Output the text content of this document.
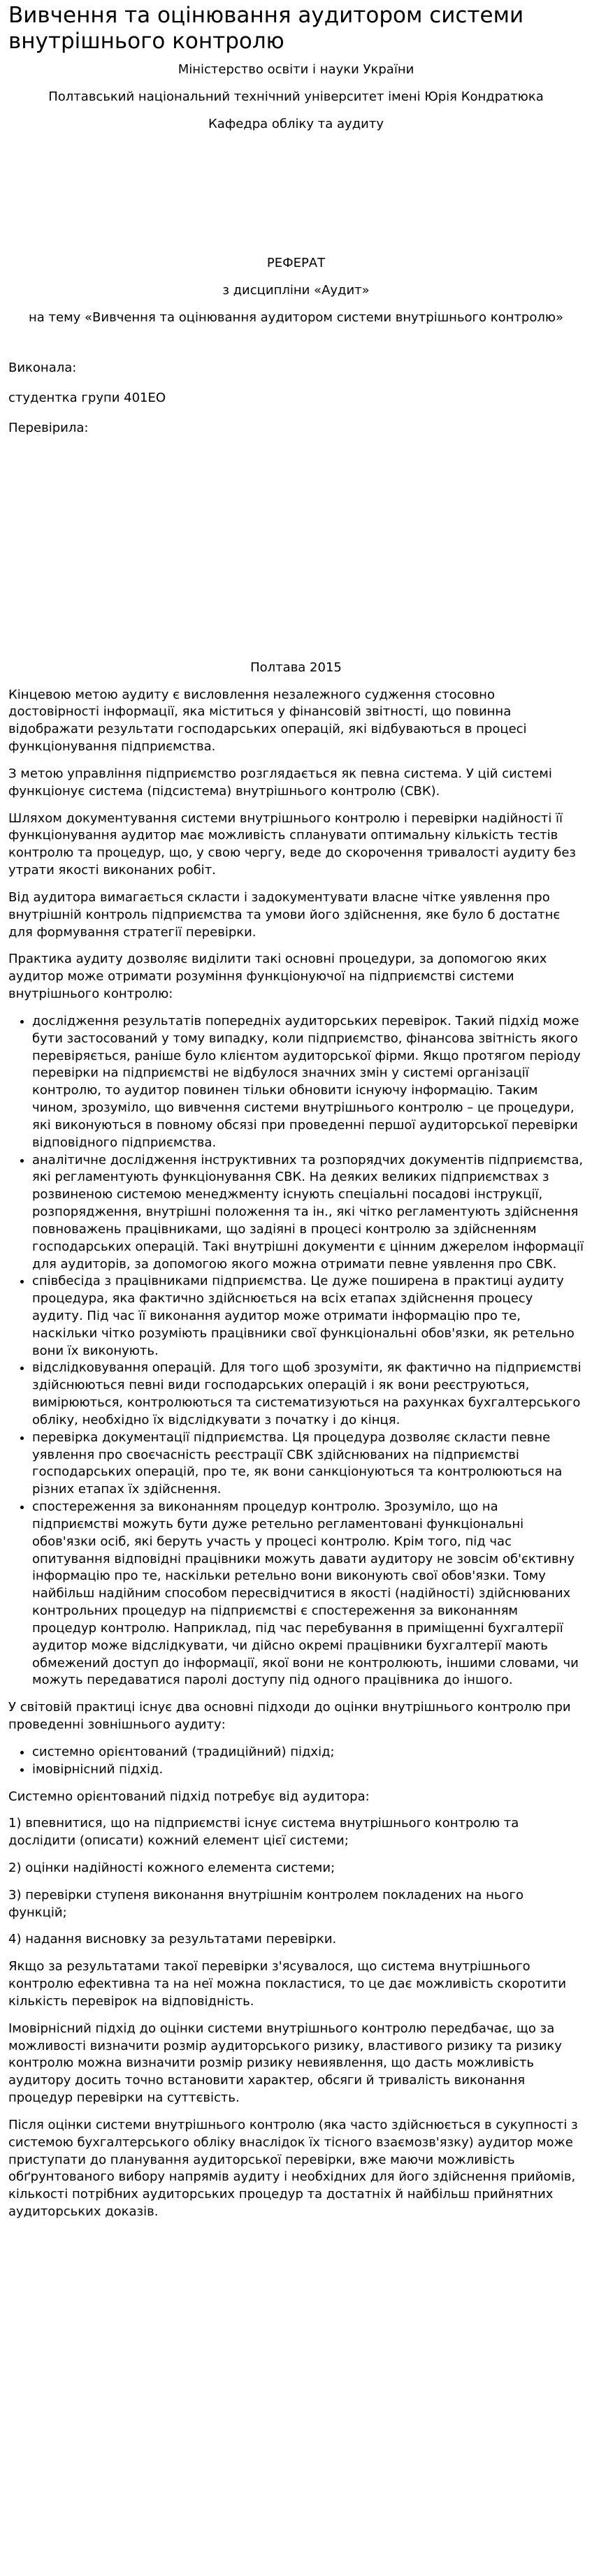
Вивчення та оцінювання аудитором системи внутрішнього контролю

Міністерство освіти і науки України

Полтавський національний технічний університет імені Юрія Кондратюка

Кафедра обліку та аудиту

РЕФЕРАТ

з дисципліни «Аудит»

на тему «Вивчення та оцінювання аудитором системи внутрішнього контролю»

Виконала:

студентка групи 401ЕО

Перевірила:

Полтава 2015

Кінцевою метою аудиту є висловлення незалежного судження стосовно достовірності інформації, яка міститься у фінансовій звітності, що повинна відображати результати господарських операцій, які відбуваються в процесі функціонування підприємства.

З метою управління підприємство розглядається як певна система. У цій системі функціонує система (підсистема) внутрішнього контролю (СВК).

Шляхом документування системи внутрішнього контролю і перевірки надійності її функціонування аудитор має можливість спланувати оптимальну кількість тестів контролю та процедур, що, у свою чергу, веде до скорочення тривалості аудиту без утрати якості виконаних робіт.

Від аудитора вимагається скласти і задокументувати власне чітке уявлення про внутрішній контроль підприємства та умови його здійснення, яке було б достатнє для формування стратегії перевірки.

Практика аудиту дозволяє виділити такі основні процедури, за допомогою яких аудитор може отримати розуміння функціонуючої на підприємстві системи внутрішнього контролю:

• дослідження результатів попередніх аудиторських перевірок. Такий підхід може бути застосований у тому випадку, коли підприємство, фінансова звітність якого перевіряється, раніше було клієнтом аудиторської фірми. Якщо протягом періоду перевірки на підприємстві не відбулося значних змін у системі організації контролю, то аудитор повинен тільки обновити існуючу інформацію. Таким чином, зрозуміло, що вивчення системи внутрішнього контролю – це процедури, які виконуються в повному обсязі при проведенні першої аудиторської перевірки відповідного підприємства.
• аналітичне дослідження інструктивних та розпорядчих документів підприємства, які регламентують функціонування СВК. На деяких великих підприємствах з розвиненою системою менеджменту існують спеціальні посадові інструкції, розпорядження, внутрішні положення та ін., які чітко регламентують здійснення повноважень працівниками, що задіяні в процесі контролю за здійсненням господарських операцій. Такі внутрішні документи є цінним джерелом інформації для аудиторів, за допомогою якого можна отримати певне уявлення про СВК.
• співбесіда з працівниками підприємства. Це дуже поширена в практиці аудиту процедура, яка фактично здійснюється на всіх етапах здійснення процесу аудиту. Під час її виконання аудитор може отримати інформацію про те, наскільки чітко розуміють працівники свої функціональні обов'язки, як ретельно вони їх виконують.
• відслідковування операцій. Для того щоб зрозуміти, як фактично на підприємстві здійснюються певні види господарських операцій і як вони реєструються, вимірюються, контролюються та систематизуються на рахунках бухгалтерського обліку, необхідно їх відслідкувати з початку і до кінця.
• перевірка документації підприємства. Ця процедура дозволяє скласти певне уявлення про своєчасність реєстрації СВК здійснюваних на підприємстві господарських операцій, про те, як вони санкціонуються та контролюються на різних етапах їх здійснення.
• спостереження за виконанням процедур контролю. Зрозуміло, що на підприємстві можуть бути дуже ретельно регламентовані функціональні обов'язки осіб, які беруть участь у процесі контролю. Крім того, під час опитування відповідні працівники можуть давати аудитору не зовсім об'єктивну інформацію про те, наскільки ретельно вони виконують свої обов'язки. Тому найбільш надійним способом пересвідчитися в якості (надійності) здійснюваних контрольних процедур на підприємстві є спостереження за виконанням процедур контролю. Наприклад, під час перебування в приміщенні бухгалтерії аудитор може відслідкувати, чи дійсно окремі працівники бухгалтерії мають обмежений доступ до інформації, якої вони не контролюють, іншими словами, чи можуть передаватися паролі доступу під одного працівника до іншого.

У світовій практиці існує два основні підходи до оцінки внутрішнього контролю при проведенні зовнішнього аудиту:

• системно орієнтований (традиційний) підхід;
• імовірнісний підхід.

Системно орієнтований підхід потребує від аудитора:

1) впевнитися, що на підприємстві існує система внутрішнього контролю та дослідити (описати) кожний елемент цієї системи;

2) оцінки надійності кожного елемента системи;

3) перевірки ступеня виконання внутрішнім контролем покладених на нього функцій;

4) надання висновку за результатами перевірки.

Якщо за результатами такої перевірки з'ясувалося, що система внутрішнього контролю ефективна та на неї можна покластися, то це дає можливість скоротити кількість перевірок на відповідність.

Імовірнісний підхід до оцінки системи внутрішнього контролю передбачає, що за можливості визначити розмір аудиторського ризику, властивого ризику та ризику контролю можна визначити розмір ризику невиявлення, що дасть можливість аудитору досить точно встановити характер, обсяги й тривалість виконання процедур перевірки на суттєвість.

Після оцінки системи внутрішнього контролю (яка часто здійснюється в сукупності з системою бухгалтерського обліку внаслідок їх тісного взаємозв'язку) аудитор може приступати до планування аудиторської перевірки, вже маючи можливість обґрунтованого вибору напрямів аудиту і необхідних для його здійснення прийомів, кількості потрібних аудиторських процедур та достатніх й найбільш прийнятних аудиторських доказів.
